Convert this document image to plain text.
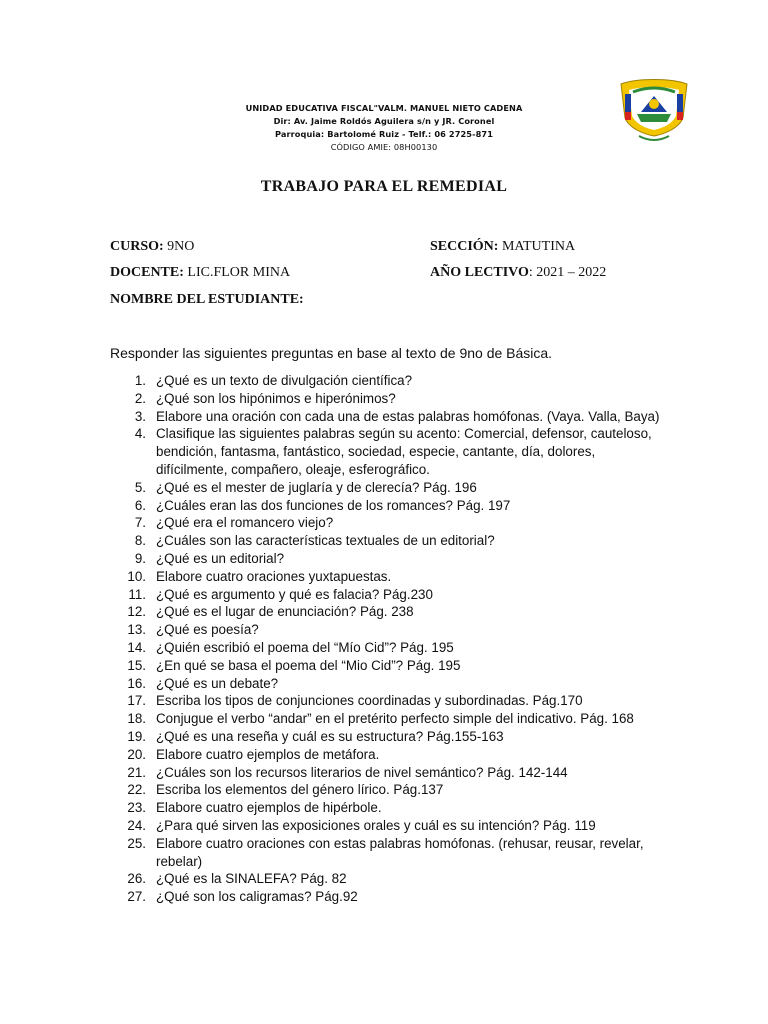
UNIDAD EDUCATIVA FISCAL"VALM. MANUEL NIETO CADENA
Dir: Av. Jaime Roldós Aguilera s/n y JR. Coronel
Parroquia: Bartolomé Ruiz - Telf.: 06 2725-871
CÓDIGO AMIE: 08H00130
TRABAJO PARA EL REMEDIAL
CURSO: 9NO	SECCIÓN: MATUTINA
DOCENTE: LIC.FLOR MINA	AÑO LECTIVO: 2021 – 2022
NOMBRE DEL ESTUDIANTE:
Responder las siguientes preguntas en base al texto de 9no de Básica.
1. ¿Qué es un texto de divulgación científica?
2. ¿Qué son los hipónimos e hiperónimos?
3. Elabore una oración con cada una de estas palabras homófonas. (Vaya. Valla, Baya)
4. Clasifique las siguientes palabras según su acento: Comercial, defensor, cauteloso, bendición, fantasma, fantástico, sociedad, especie, cantante, día, dolores, difícilmente, compañero, oleaje, esferográfico.
5. ¿Qué es el mester de juglaría y de clerecía? Pág. 196
6. ¿Cuáles eran las dos funciones de los romances? Pág. 197
7. ¿Qué era el romancero viejo?
8. ¿Cuáles son las características textuales de un editorial?
9. ¿Qué es un editorial?
10. Elabore cuatro oraciones yuxtapuestas.
11. ¿Qué es argumento y qué es falacia? Pág.230
12. ¿Qué es el lugar de enunciación? Pág. 238
13. ¿Qué es poesía?
14. ¿Quién escribió el poema del “Mío Cid”? Pág. 195
15. ¿En qué se basa el poema del “Mio Cid”? Pág. 195
16. ¿Qué es un debate?
17. Escriba los tipos de conjunciones coordinadas y subordinadas. Pág.170
18. Conjugue el verbo “andar” en el pretérito perfecto simple del indicativo. Pág. 168
19. ¿Qué es una reseña y cuál es su estructura? Pág.155-163
20. Elabore cuatro ejemplos de metáfora.
21. ¿Cuáles son los recursos literarios de nivel semántico? Pág. 142-144
22. Escriba los elementos del género lírico. Pág.137
23. Elabore cuatro ejemplos de hipérbole.
24. ¿Para qué sirven las exposiciones orales y cuál es su intención? Pág. 119
25. Elabore cuatro oraciones con estas palabras homófonas. (rehusar, reusar, revelar, rebelar)
26. ¿Qué es la SINALEFA? Pág. 82
27. ¿Qué son los caligramas? Pág.92
